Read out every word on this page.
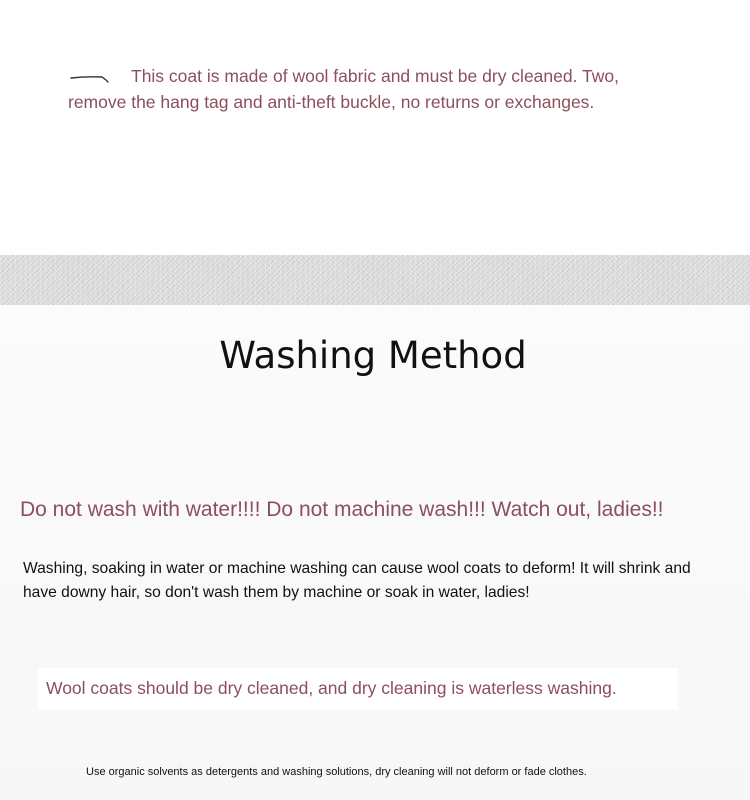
This coat is made of wool fabric and must be dry cleaned. Two, remove the hang tag and anti-theft buckle, no returns or exchanges.

Washing Method

Do not wash with water!!!! Do not machine wash!!! Watch out, ladies!!

Washing, soaking in water or machine washing can cause wool coats to deform! It will shrink and have downy hair, so don't wash them by machine or soak in water, ladies!

Wool coats should be dry cleaned, and dry cleaning is waterless washing.

Use organic solvents as detergents and washing solutions, dry cleaning will not deform or fade clothes.
